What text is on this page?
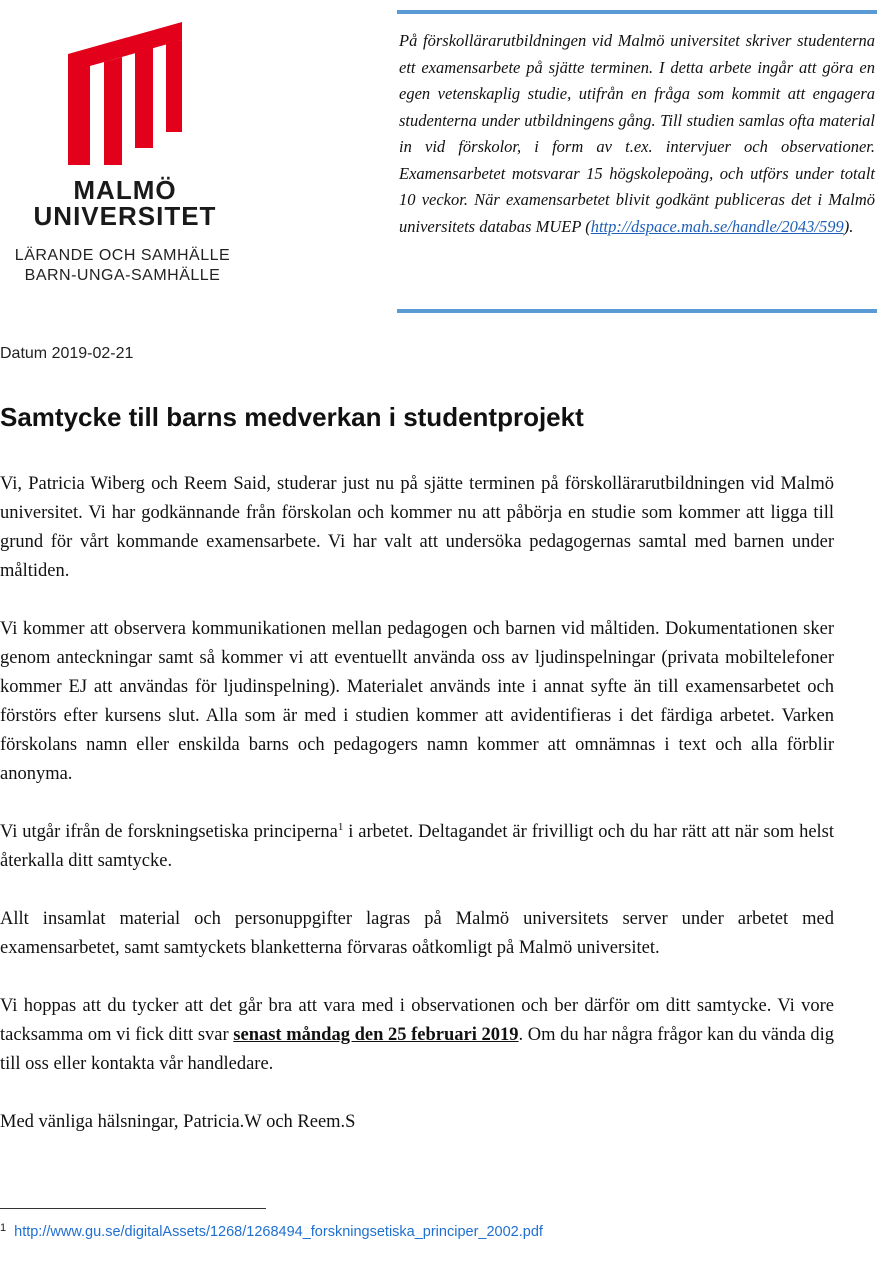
MALMÖ
UNIVERSITET
LÄRANDE OCH SAMHÄLLE
BARN-UNGA-SAMHÄLLE
På förskollärarutbildningen vid Malmö universitet skriver studenterna ett examensarbete på sjätte terminen. I detta arbete ingår att göra en egen vetenskaplig studie, utifrån en fråga som kommit att engagera studenterna under utbildningens gång. Till studien samlas ofta material in vid förskolor, i form av t.ex. intervjuer och observationer. Examensarbetet motsvarar 15 högskolepoäng, och utförs under totalt 10 veckor. När examensarbetet blivit godkänt publiceras det i Malmö universitets databas MUEP (http://dspace.mah.se/handle/2043/599).
Datum 2019-02-21
Samtycke till barns medverkan i studentprojekt
Vi, Patricia Wiberg och Reem Said, studerar just nu på sjätte terminen på förskollärarutbildningen vid Malmö universitet. Vi har godkännande från förskolan och kommer nu att påbörja en studie som kommer att ligga till grund för vårt kommande examensarbete. Vi har valt att undersöka pedagogernas samtal med barnen under måltiden.
Vi kommer att observera kommunikationen mellan pedagogen och barnen vid måltiden. Dokumentationen sker genom anteckningar samt så kommer vi att eventuellt använda oss av ljudinspelningar (privata mobiltelefoner kommer EJ att användas för ljudinspelning). Materialet används inte i annat syfte än till examensarbetet och förstörs efter kursens slut. Alla som är med i studien kommer att avidentifieras i det färdiga arbetet. Varken förskolans namn eller enskilda barns och pedagogers namn kommer att omnämnas i text och alla förblir anonyma.
Vi utgår ifrån de forskningsetiska principerna$^1$ i arbetet. Deltagandet är frivilligt och du har rätt att när som helst återkalla ditt samtycke.
Allt insamlat material och personuppgifter lagras på Malmö universitets server under arbetet med examensarbetet, samt samtyckets blanketterna förvaras oåtkomligt på Malmö universitet.
Vi hoppas att du tycker att det går bra att vara med i observationen och ber därför om ditt samtycke. Vi vore tacksamma om vi fick ditt svar senast måndag den 25 februari 2019. Om du har några frågor kan du vända dig till oss eller kontakta vår handledare.
Med vänliga hälsningar, Patricia.W och Reem.S
$^1$ http://www.gu.se/digitalAssets/1268/1268494_forskningsetiska_principer_2002.pdf
